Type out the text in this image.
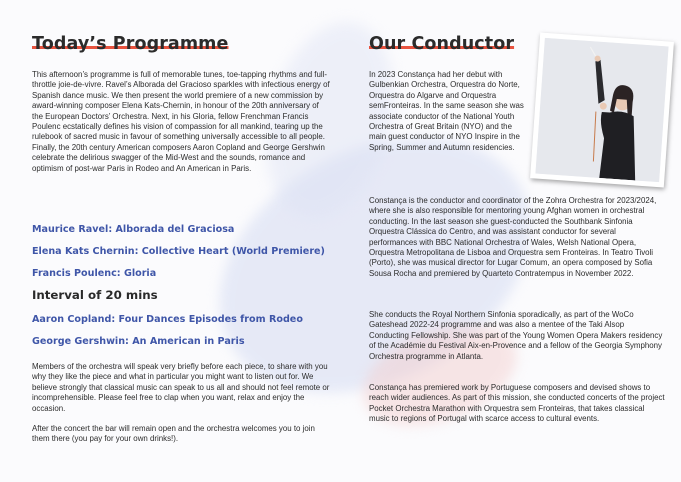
Today’s Programme

This afternoon’s programme is full of memorable tunes, toe-tapping rhythms and full- throttle joie-de-vivre. Ravel’s Alborada del Gracioso sparkles with infectious energy of Spanish dance music. We then present the world premiere of a new commission by award-winning composer Elena Kats-Chernin, in honour of the 20th anniversary of the European Doctors’ Orchestra. Next, in his Gloria, fellow Frenchman Francis Poulenc ecstatically defines his vision of compassion for all mankind, tearing up the rulebook of sacred music in favour of something universally accessible to all people. Finally, the 20th century American composers Aaron Copland and George Gershwin celebrate the delirious swagger of the Mid-West and the sounds, romance and optimism of post-war Paris in Rodeo and An American in Paris.

Maurice Ravel: Alborada del Graciosa

Elena Kats Chernin: Collective Heart (World Premiere)

Francis Poulenc: Gloria

Interval of 20 mins

Aaron Copland: Four Dances Episodes from Rodeo

George Gershwin: An American in Paris

Members of the orchestra will speak very briefly before each piece, to share with you why they like the piece and what in particular you might want to listen out for. We believe strongly that classical music can speak to us all and should not feel remote or incomprehensible. Please feel free to clap when you want, relax and enjoy the occasion.

After the concert the bar will remain open and the orchestra welcomes you to join them there (you pay for your own drinks!).

Our Conductor

In 2023 Constança had her debut with Gulbenkian Orchestra, Orquestra do Norte, Orquestra do Algarve and Orquestra semFronteiras. In the same season she was associate conductor of the National Youth Orchestra of Great Britain (NYO) and the main guest conductor of NYO Inspire in the Spring, Summer and Autumn residencies.

Constança is the conductor and coordinator of the Zohra Orchestra for 2023/2024, where she is also responsible for mentoring young Afghan women in orchestral conducting. In the last season she guest-conducted the Southbank Sinfonia Orquestra Clássica do Centro, and was assistant conductor for several performances with BBC National Orchestra of Wales, Welsh National Opera, Orquestra Metropolitana de Lisboa and Orquestra sem Fronteiras. In Teatro Tivoli (Porto), she was musical director for Lugar Comum, an opera composed by Sofia Sousa Rocha and premiered by Quarteto Contratempus in November 2022.

She conducts the Royal Northern Sinfonia sporadically, as part of the WoCo Gateshead 2022-24 programme and was also a mentee of the Taki Alsop Conducting Fellowship. She was part of the Young Women Opera Makers residency of the Académie du Festival Aix-en-Provence and a fellow of the Georgia Symphony Orchestra programme in Atlanta.

Constança has premiered work by Portuguese composers and devised shows to reach wider audiences. As part of this mission, she conducted concerts of the project Pocket Orchestra Marathon with Orquestra sem Fronteiras, that takes classical music to regions of Portugal with scarce access to cultural events.
